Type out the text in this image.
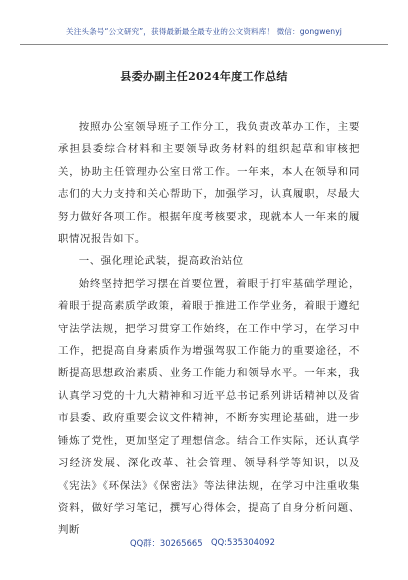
关注头条号“公文研究”，获得最新最全最专业的公文资料库！ 微信：gongwenyj
县委办副主任2024年度工作总结

按照办公室领导班子工作分工，我负责改革办工作，主要承担县委综合材料和主要领导政务材料的组织起草和审核把关，协助主任管理办公室日常工作。一年来，本人在领导和同志们的大力支持和关心帮助下，加强学习，认真履职，尽最大努力做好各项工作。根据年度考核要求，现就本人一年来的履职情况报告如下。

一、强化理论武装，提高政治站位

始终坚持把学习摆在首要位置，着眼于打牢基础学理论，着眼于提高素质学政策，着眼于推进工作学业务，着眼于遵纪守法学法规，把学习贯穿工作始终，在工作中学习，在学习中工作，把提高自身素质作为增强驾驭工作能力的重要途径，不断提高思想政治素质、业务工作能力和领导水平。一年来，我认真学习党的十九大精神和习近平总书记系列讲话精神以及省市县委、政府重要会议文件精神，不断夯实理论基础，进一步锤炼了党性，更加坚定了理想信念。结合工作实际，还认真学习经济发展、深化改革、社会管理、领导科学等知识，以及《宪法》《环保法》《保密法》等法律法规，在学习中注重收集资料，做好学习笔记，撰写心得体会，提高了自身分析问题、判断

QQ群：30265665 QQ:535304092
